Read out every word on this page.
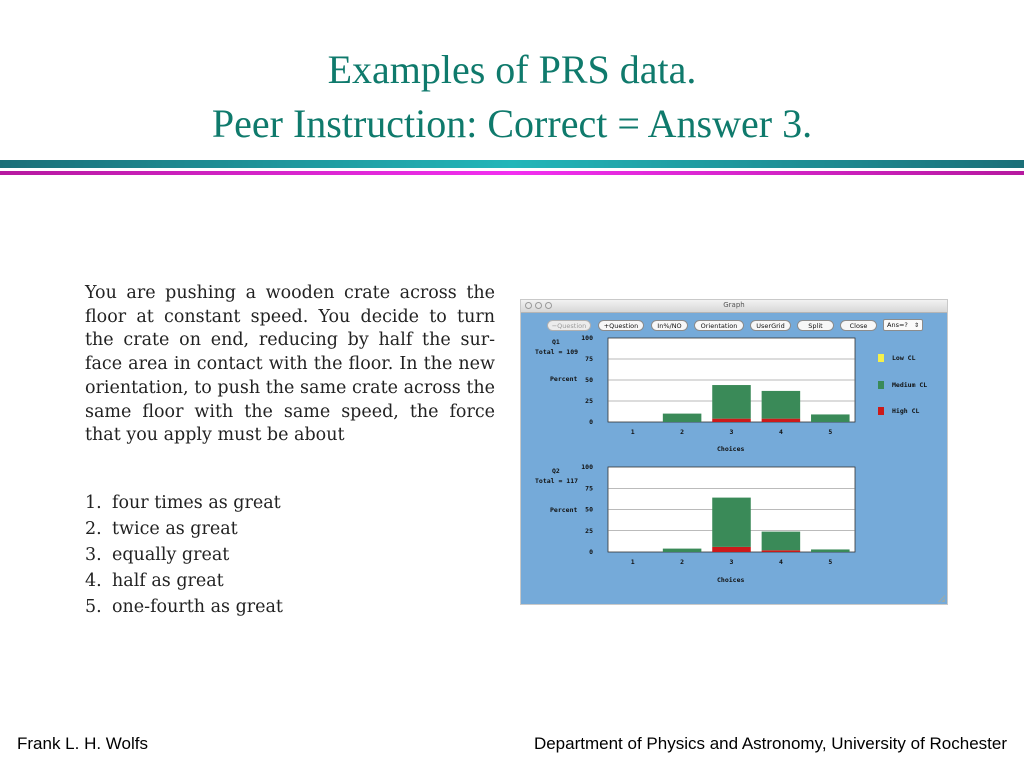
Examples of PRS data.
Peer Instruction: Correct = Answer 3.

You are pushing a wooden crate across the floor at constant speed. You decide to turn the crate on end, reducing by half the sur-face area in contact with the floor. In the new orientation, to push the same crate across the same floor with the same speed, the force that you apply must be about

1. four times as great
2. twice as great
3. equally great
4. half as great
5. one-fourth as great
Graph
−Question	+Question	In%/NO	Orientation	UserGrid	Split	Close	Ans=? ⇕
Q1
Total = 109
Percent
Choices
Q2
Total = 117
Percent
Choices
0
25
50
75
100
1	2	3	4	5
0
25
50
75
100
1	2	3	4	5
Low CL
Medium CL
High CL
Frank L. H. Wolfs	Department of Physics and Astronomy, University of Rochester
